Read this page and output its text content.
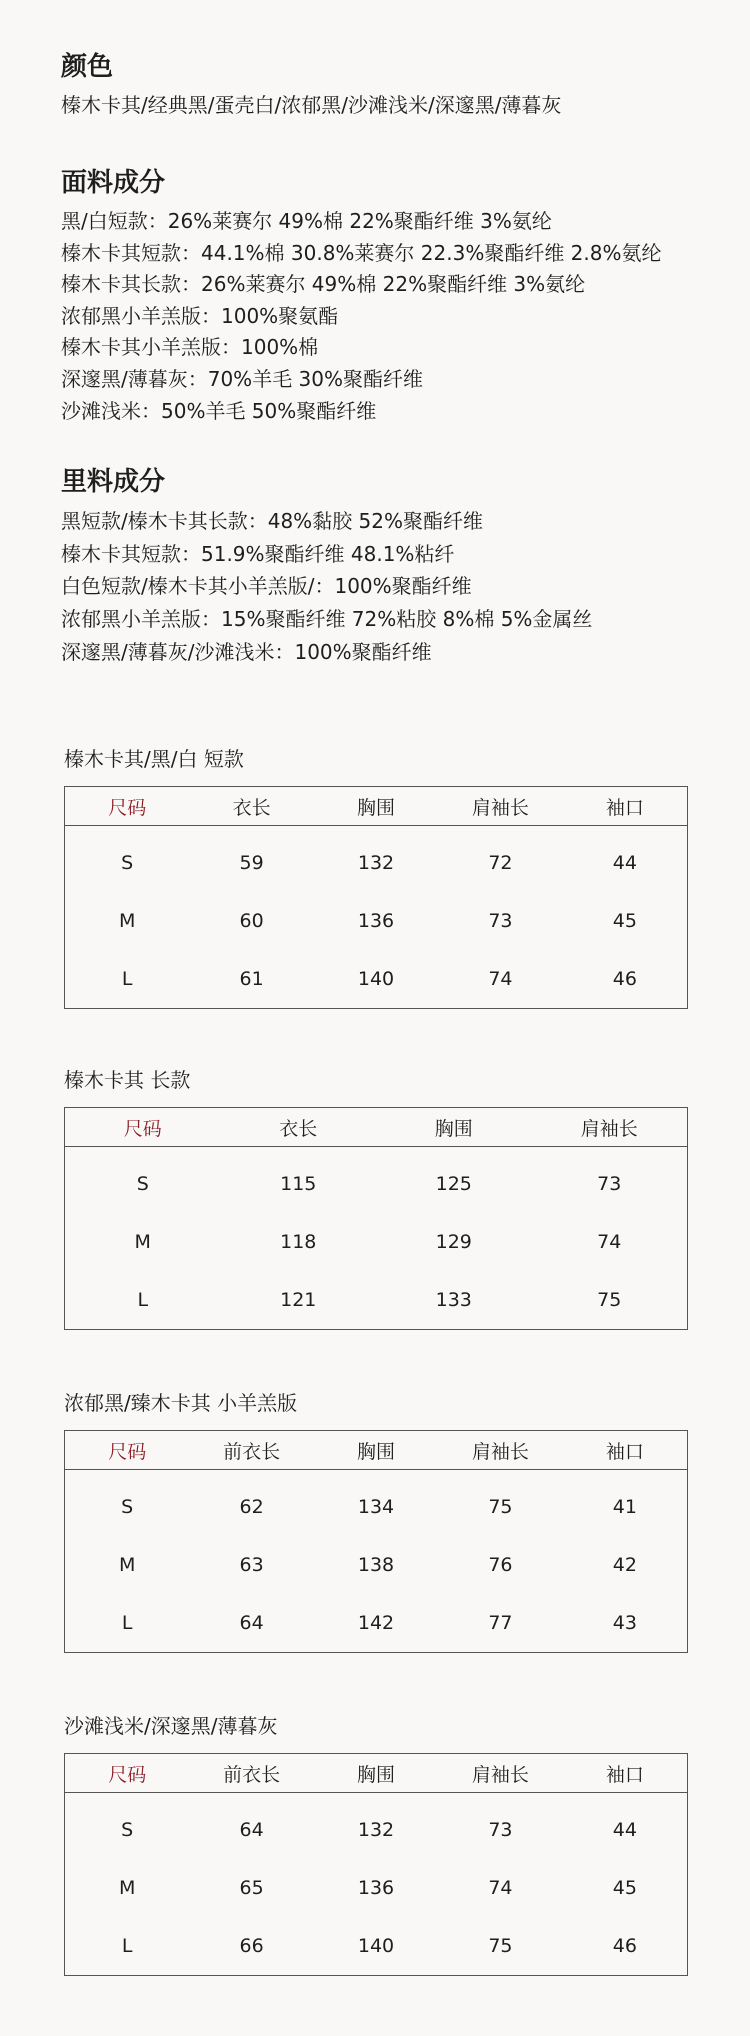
颜色
榛木卡其/经典黑/蛋壳白/浓郁黑/沙滩浅米/深邃黑/薄暮灰
面料成分
黑/白短款：26%莱赛尔 49%棉 22%聚酯纤维 3%氨纶
榛木卡其短款：44.1%棉 30.8%莱赛尔 22.3%聚酯纤维 2.8%氨纶
榛木卡其长款：26%莱赛尔 49%棉 22%聚酯纤维 3%氨纶
浓郁黑小羊羔版：100%聚氨酯
榛木卡其小羊羔版：100%棉
深邃黑/薄暮灰：70%羊毛 30%聚酯纤维
沙滩浅米：50%羊毛 50%聚酯纤维
里料成分
黑短款/榛木卡其长款：48%黏胶 52%聚酯纤维
榛木卡其短款：51.9%聚酯纤维 48.1%粘纤
白色短款/榛木卡其小羊羔版/：100%聚酯纤维
浓郁黑小羊羔版：15%聚酯纤维 72%粘胶 8%棉 5%金属丝
深邃黑/薄暮灰/沙滩浅米：100%聚酯纤维
榛木卡其/黑/白 短款
尺码	衣长	胸围	肩袖长	袖口
S	59	132	72	44
M	60	136	73	45
L	61	140	74	46
榛木卡其 长款
尺码	衣长	胸围	肩袖长
S	115	125	73
M	118	129	74
L	121	133	75
浓郁黑/臻木卡其 小羊羔版
尺码	前衣长	胸围	肩袖长	袖口
S	62	134	75	41
M	63	138	76	42
L	64	142	77	43
沙滩浅米/深邃黑/薄暮灰
尺码	前衣长	胸围	肩袖长	袖口
S	64	132	73	44
M	65	136	74	45
L	66	140	75	46
